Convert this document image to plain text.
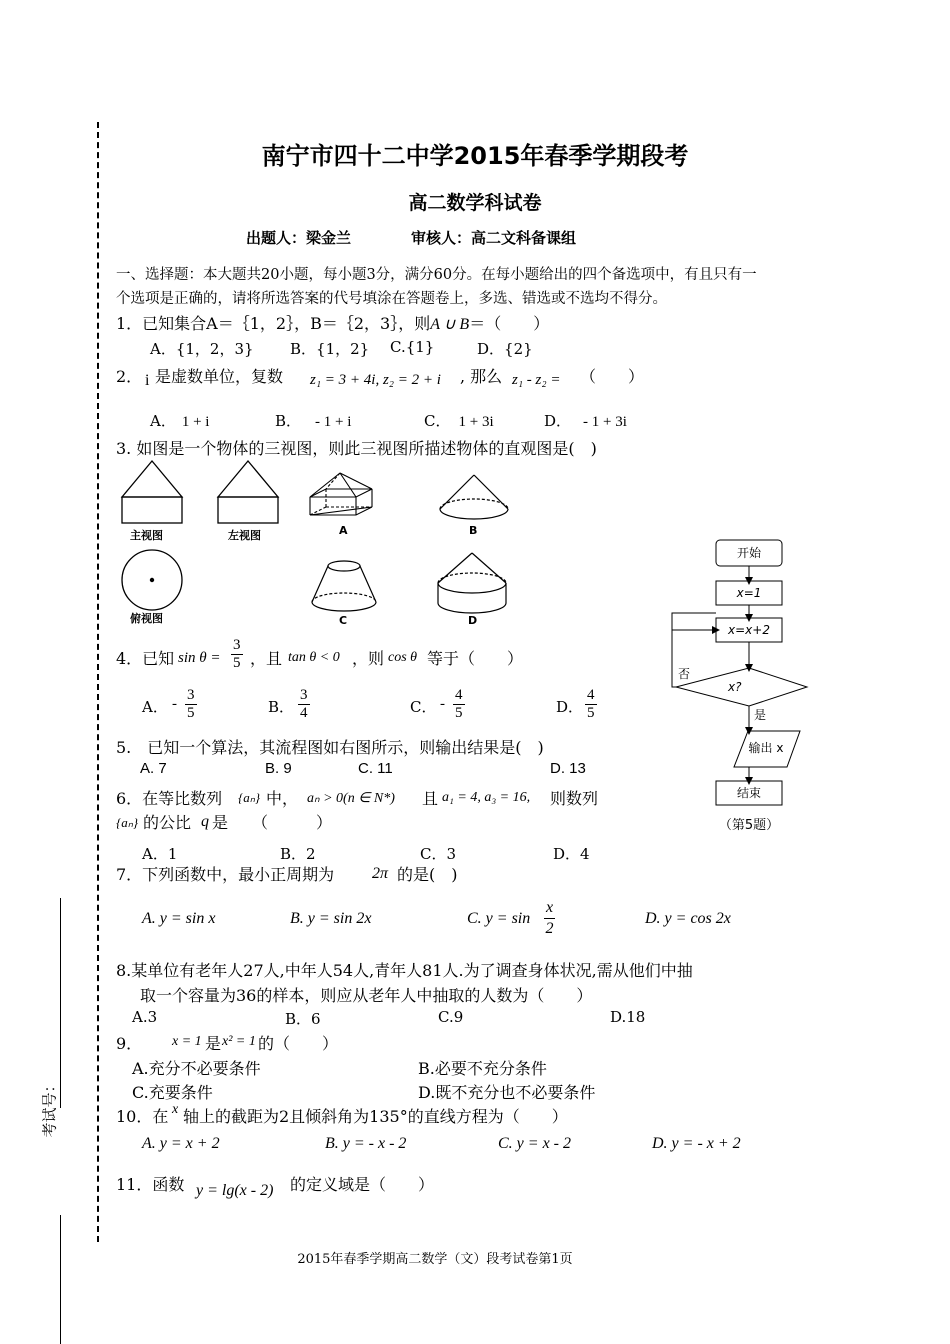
考试号：
南宁市四十二中学2015年春季学期段考
高二数学科试卷
出题人：梁金兰	审核人：高二文科备课组
一、选择题：本大题共20小题，每小题3分，满分60分。在每小题给出的四个备选项中，有且只有一
个选项是正确的，请将所选答案的代号填涂在答题卷上，多选、错选或不选均不得分。
1．已知集合A＝｛1，2｝，B＝｛2，3｝，则A ∪ B＝（　　）
A．{1，2，3} B．{1，2} C.{1}	D．{2}
2． i 是虚数单位，复数 z₁ = 3 + 4i, z₂ = 2 + i , 那么 z₁ - z₂ = （　　）
A． 1 + i	B． - 1 + i	C． 1 + 3i	D． - 1 + 3i
3. 如图是一个物体的三视图，则此三视图所描述物体的直观图是(　)
主视图	左视图
俯视图
A	B
C	D
4．已知 $\sin \theta = \frac{3}{5}$ ，且 tan θ < 0 ，则 cos θ 等于（　　）
A． - $\frac{3}{5}$	B． $\frac{3}{4}$	C． - $\frac{4}{5}$	D． $\frac{4}{5}$
5.　已知一个算法，其流程图如右图所示，则输出结果是(　)
A. 7	B. 9	C. 11	D. 13
开始
x=1
x=x+2
x?
否
是
输出 x
结束
（第5题）
6．在等比数列 {aₙ} 中， aₙ > 0(n ∈ N*) 且 a₁ = 4, a₃ = 16, 则数列
{aₙ} 的公比 q 是　　（　　　）
A．1	B．2	C．3	D．4
7．下列函数中，最小正周期为 2π 的是(　)
A. y = sin x	B. y = sin 2x	C. $y = \sin \frac{x}{2}$	D. y = cos 2x
8.某单位有老年人27人,中年人54人,青年人81人.为了调查身体状况,需从他们中抽
取一个容量为36的样本，则应从老年人中抽取的人数为（　　）
A.3	B．6	C.9	D.18
9． x = 1 是 x² = 1 的（　　）
A.充分不必要条件	B.必要不充分条件
C.充要条件	D.既不充分也不必要条件
10．在 x 轴上的截距为2且倾斜角为135°的直线方程为（　　）
A. y = x + 2	B. y = - x - 2	C. y = x - 2	D. y = - x + 2
11．函数 y = lg(x - 2) 的定义域是（　　）
2015年春季学期高二数学（文）段考试卷第1页
